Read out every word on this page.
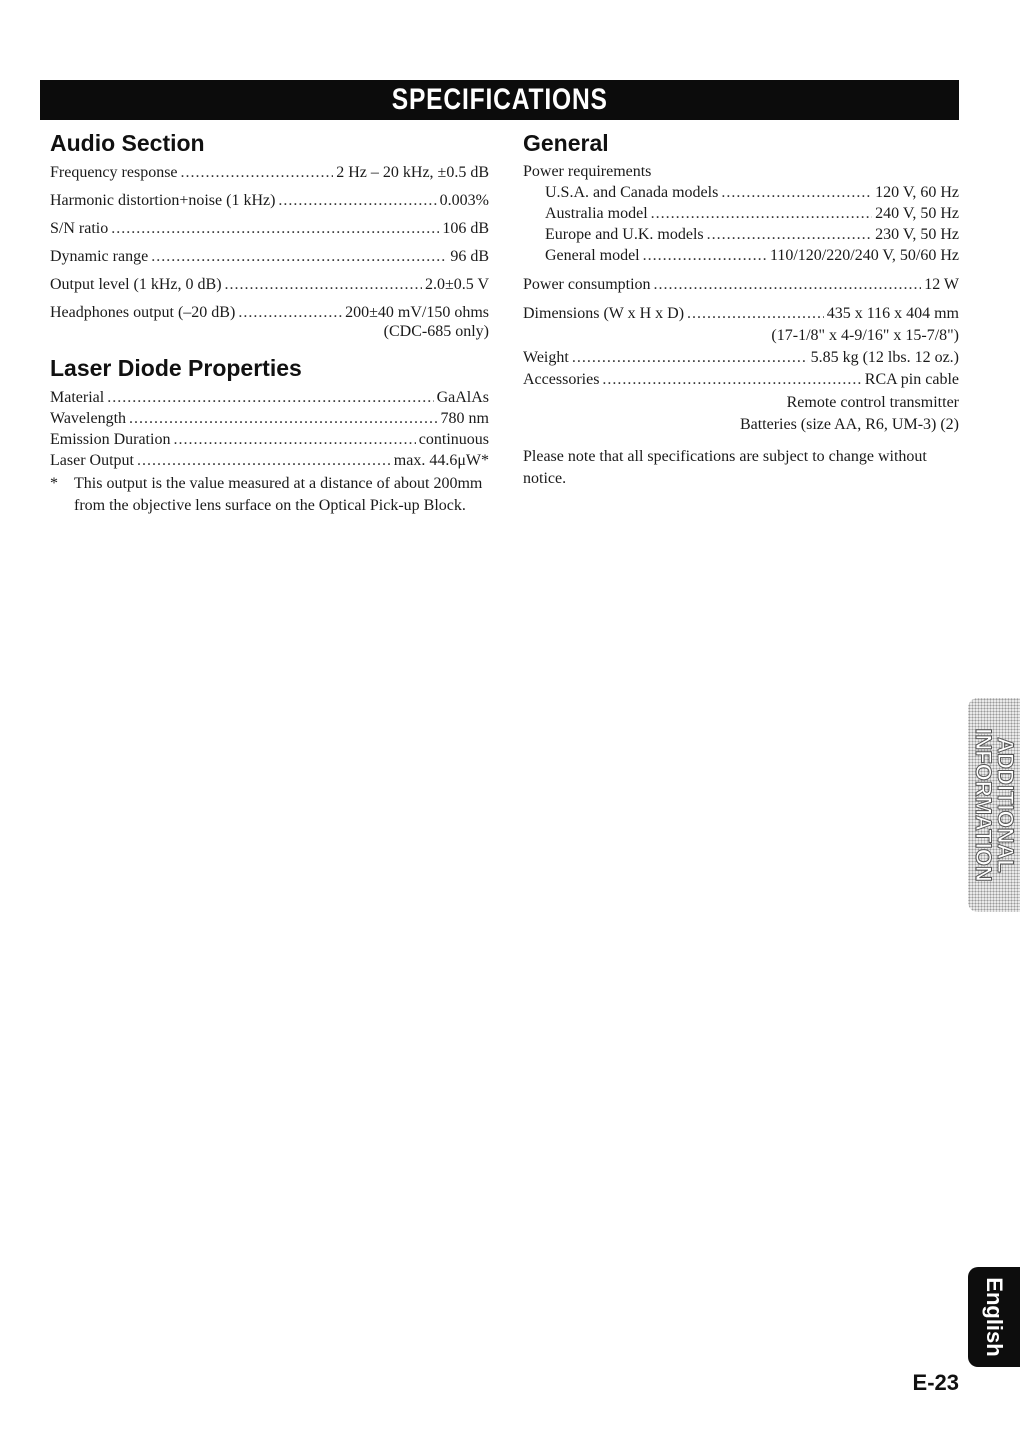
SPECIFICATIONS
Audio Section
Frequency response .....	2 Hz – 20 kHz, ±0.5 dB
Harmonic distortion+noise (1 kHz) .....	0.003%
S/N ratio .....	106 dB
Dynamic range .....	96 dB
Output level (1 kHz, 0 dB) .....	2.0±0.5 V
Headphones output (–20 dB) .....	200±40 mV/150 ohms
(CDC-685 only)
Laser Diode Properties
Material .....	GaAlAs
Wavelength .....	780 nm
Emission Duration .....	continuous
Laser Output .....	max. 44.6μW*
*	This output is the value measured at a distance of about 200mm from the objective lens surface on the Optical Pick-up Block.
General
Power requirements
U.S.A. and Canada models .....	120 V, 60 Hz
Australia model .....	240 V, 50 Hz
Europe and U.K. models .....	230 V, 50 Hz
General model .....	110/120/220/240 V, 50/60 Hz
Power consumption .....	12 W
Dimensions (W x H x D) .....	435 x 116 x 404 mm
(17-1/8" x 4-9/16" x 15-7/8")
Weight .....	5.85 kg (12 lbs. 12 oz.)
Accessories .....	RCA pin cable
Remote control transmitter
Batteries (size AA, R6, UM-3) (2)
Please note that all specifications are subject to change without notice.
ADDITIONAL
INFORMATION
English
E-23
